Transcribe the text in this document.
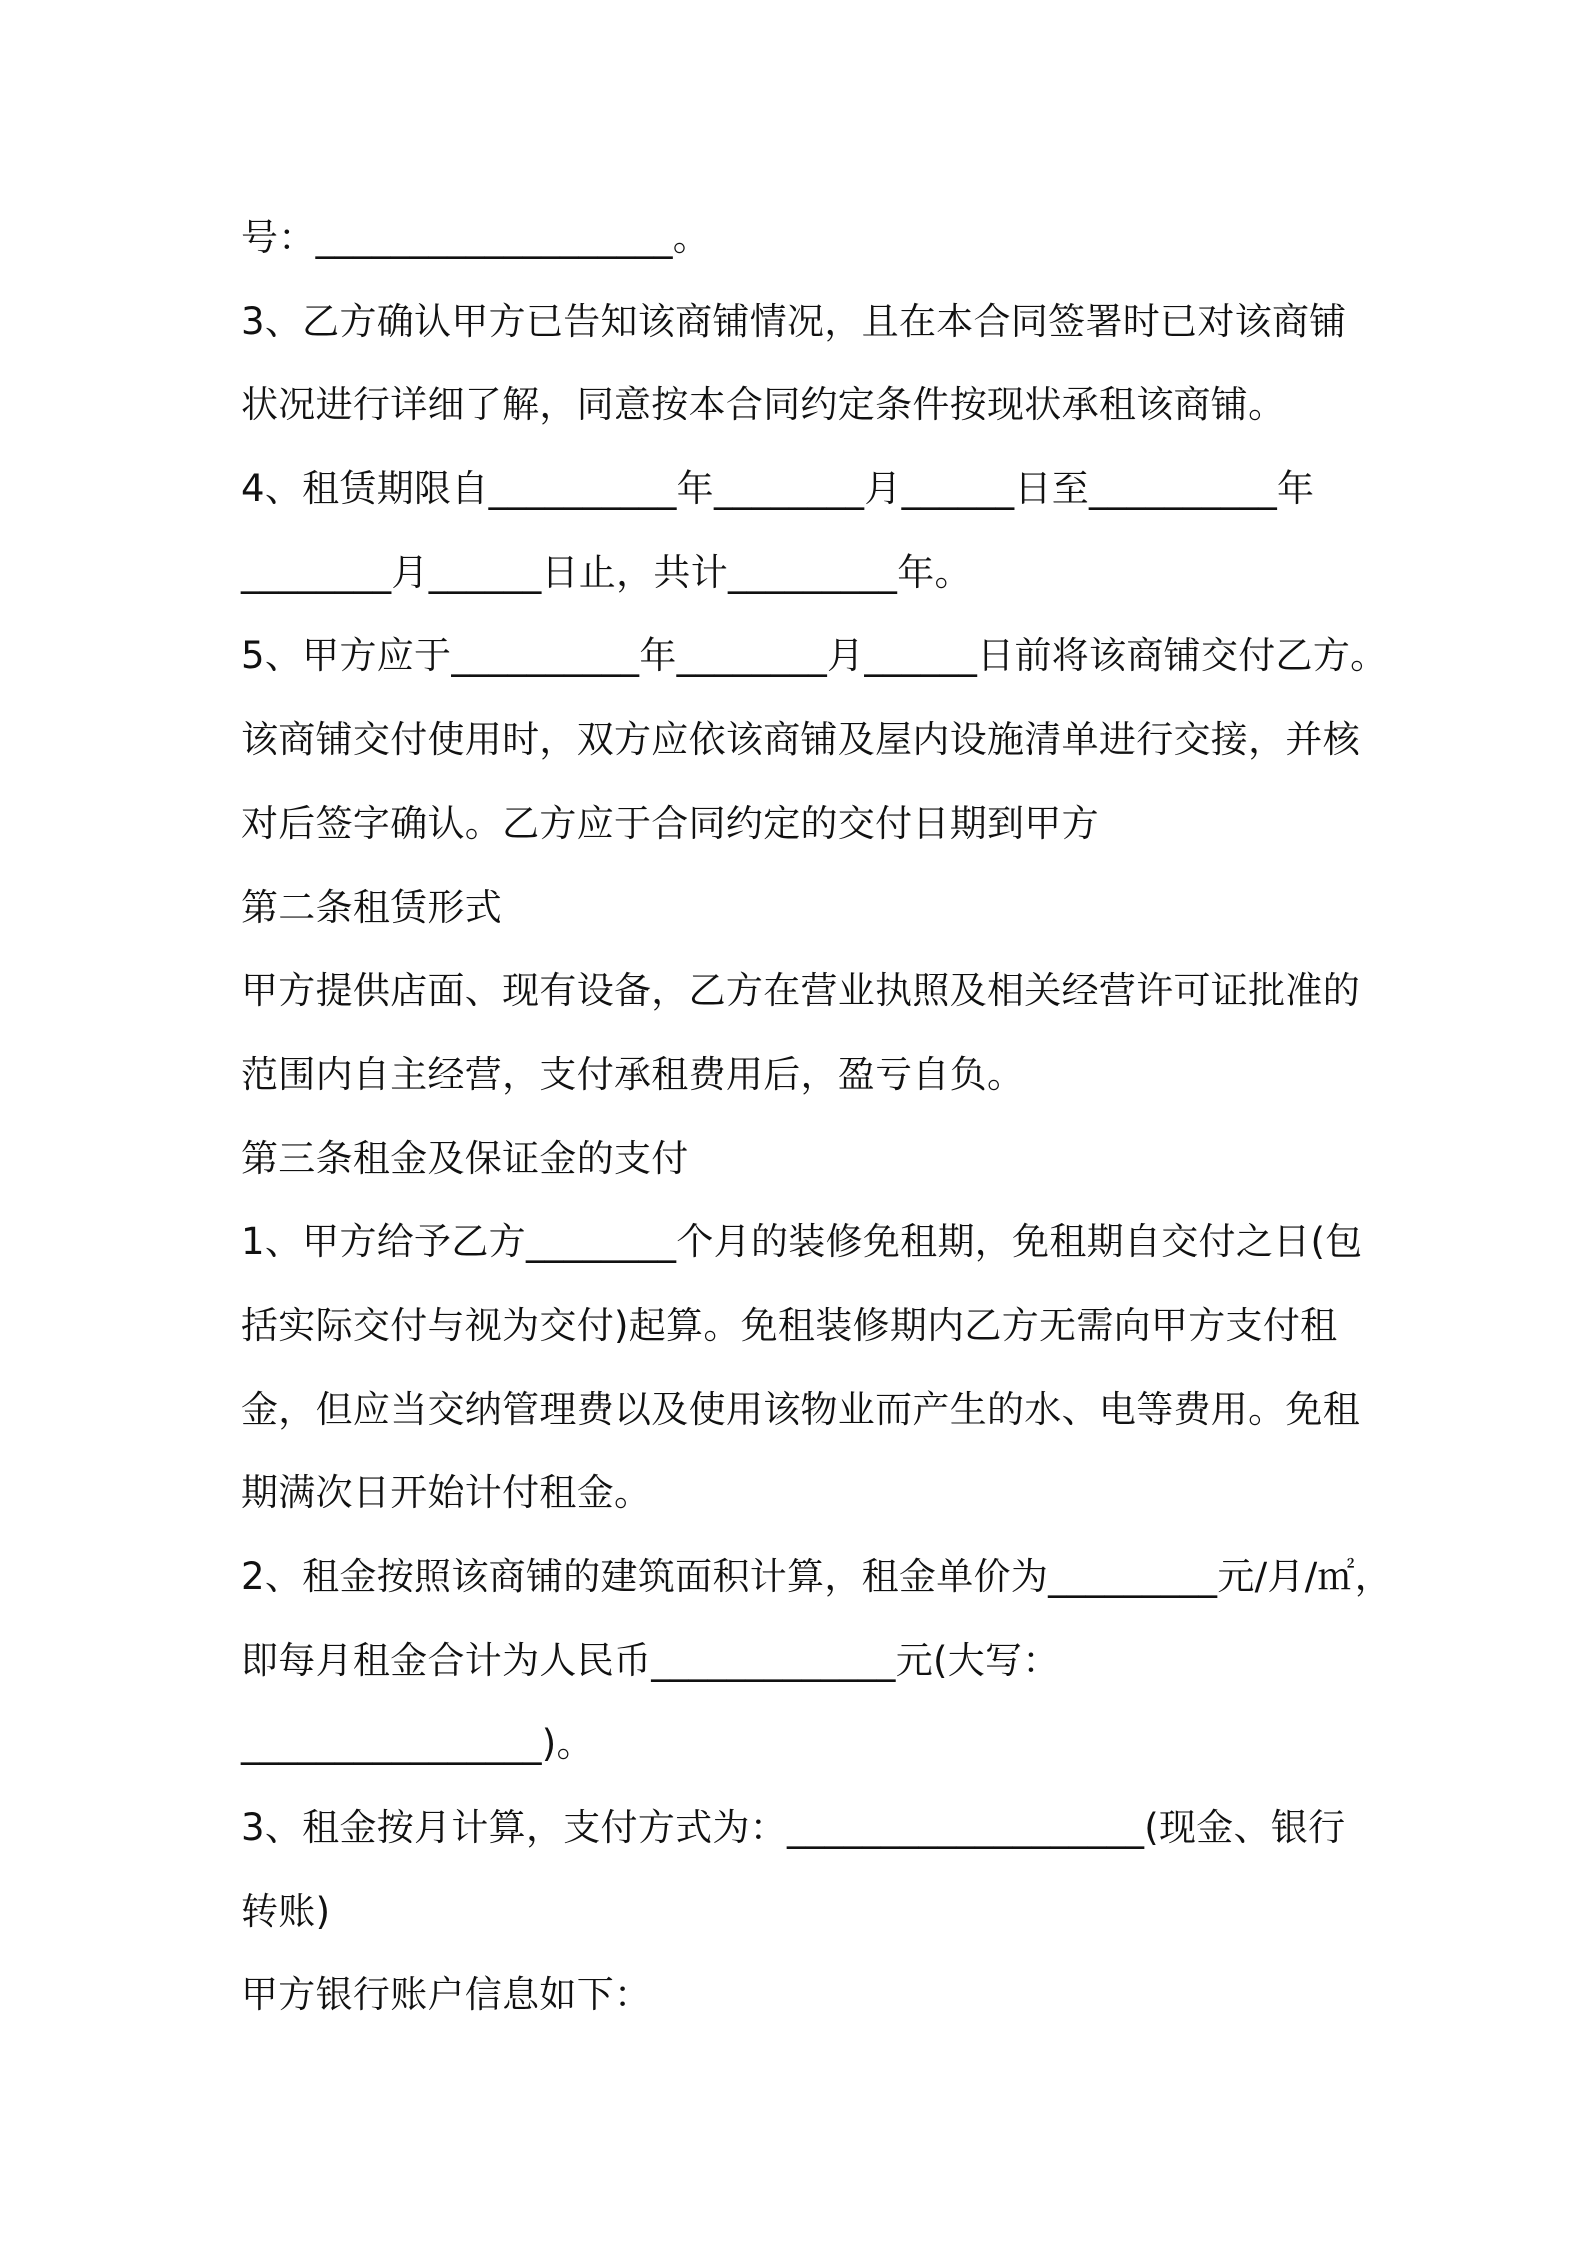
号：___________________。
3、乙方确认甲方已告知该商铺情况，且在本合同签署时已对该商铺
状况进行详细了解，同意按本合同约定条件按现状承租该商铺。
4、租赁期限自__________年________月______日至__________年
________月______日止，共计_________年。
5、甲方应于__________年________月______日前将该商铺交付乙方。
该商铺交付使用时，双方应依该商铺及屋内设施清单进行交接，并核
对后签字确认。乙方应于合同约定的交付日期到甲方
第二条租赁形式
甲方提供店面、现有设备，乙方在营业执照及相关经营许可证批准的
范围内自主经营，支付承租费用后，盈亏自负。
第三条租金及保证金的支付
1、甲方给予乙方________个月的装修免租期，免租期自交付之日(包
括实际交付与视为交付)起算。免租装修期内乙方无需向甲方支付租
金，但应当交纳管理费以及使用该物业而产生的水、电等费用。免租
期满次日开始计付租金。
2、租金按照该商铺的建筑面积计算，租金单价为_________元/月/㎡，
即每月租金合计为人民币_____________元(大写：
________________)。
3、租金按月计算，支付方式为：___________________(现金、银行
转账)
甲方银行账户信息如下：
